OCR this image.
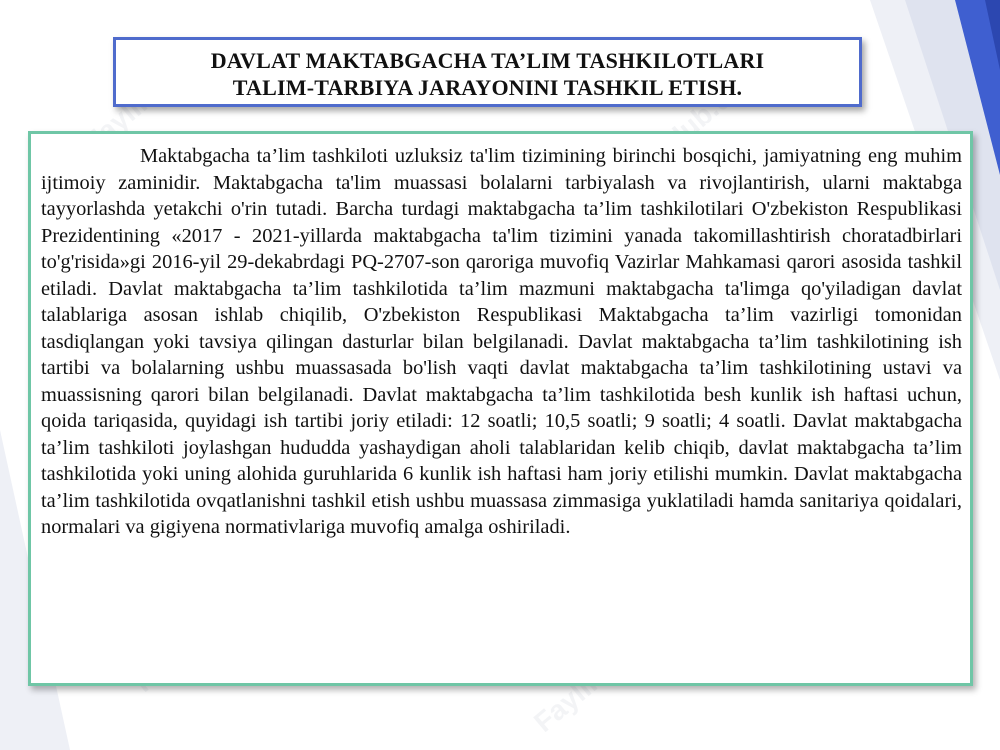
DAVLAT MAKTABGACHA TA’LIM TASHKILOTLARI
TALIM-TARBIYA JARAYONINI TASHKIL ETISH.

Maktabgacha ta’lim tashkiloti uzluksiz ta'lim tizimining birinchi bosqichi, jamiyatning eng muhim ijtimoiy zaminidir. Maktabgacha ta'lim muassasi bolalarni tarbiyalash va rivojlantirish, ularni maktabga tayyorlashda yetakchi o'rin tutadi. Barcha turdagi maktabgacha ta’lim tashkilotilari O'zbekiston Respublikasi Prezidentining «2017 - 2021-yillarda maktabgacha ta'lim tizimini yanada takomillashtirish choratadbirlari to'g'risida»gi 2016-yil 29-dekabrdagi PQ-2707-son qaroriga muvofiq Vazirlar Mahkamasi qarori asosida tashkil etiladi. Davlat maktabgacha ta’lim tashkilotida ta’lim mazmuni maktabgacha ta'limga qo'yiladigan davlat talablariga asosan ishlab chiqilib, O'zbekiston Respublikasi Maktabgacha ta’lim vazirligi tomonidan tasdiqlangan yoki tavsiya qilingan dasturlar bilan belgilanadi. Davlat maktabgacha ta’lim tashkilotining ish tartibi va bolalarning ushbu muassasada bo'lish vaqti davlat maktabgacha ta’lim tashkilotining ustavi va muassisning qarori bilan belgilanadi. Davlat maktabgacha ta’lim tashkilotida besh kunlik ish haftasi uchun, qoida tariqasida, quyidagi ish tartibi joriy etiladi: 12 soatli; 10,5 soatli; 9 soatli; 4 soatli. Davlat maktabgacha ta’lim tashkiloti joylashgan hududda yashaydigan aholi talablaridan kelib chiqib, davlat maktabgacha ta’lim tashkilotida yoki uning alohida guruhlarida 6 kunlik ish haftasi ham joriy etilishi mumkin. Davlat maktabgacha ta’lim tashkilotida ovqatlanishni tashkil etish ushbu muassasa zimmasiga yuklatiladi hamda sanitariya qoidalari, normalari va gigiyena normativlariga muvofiq amalga oshiriladi.
